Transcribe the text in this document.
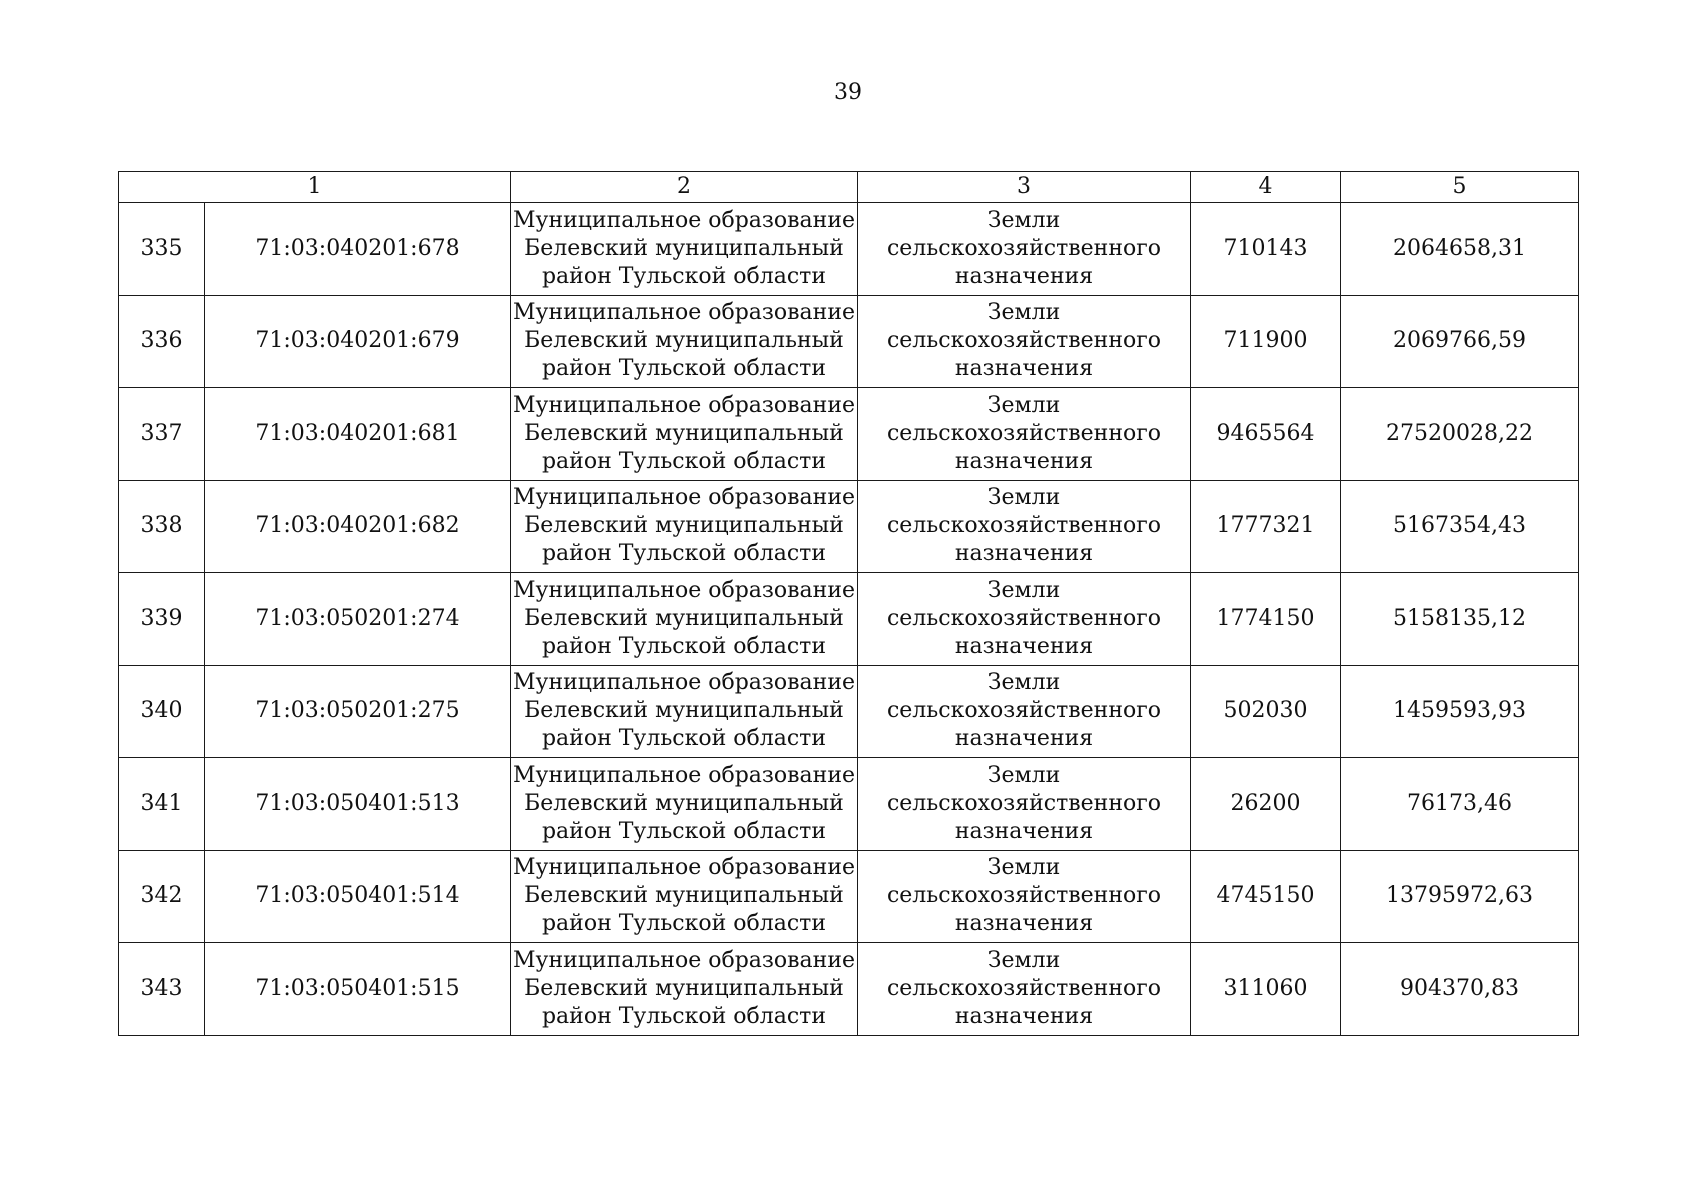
39
1		2	3	4	5
335	71:03:040201:678	Муниципальное образование
Белевский муниципальный
район Тульской области	Земли
сельскохозяйственного
назначения	710143	2064658,31
336	71:03:040201:679	Муниципальное образование
Белевский муниципальный
район Тульской области	Земли
сельскохозяйственного
назначения	711900	2069766,59
337	71:03:040201:681	Муниципальное образование
Белевский муниципальный
район Тульской области	Земли
сельскохозяйственного
назначения	9465564	27520028,22
338	71:03:040201:682	Муниципальное образование
Белевский муниципальный
район Тульской области	Земли
сельскохозяйственного
назначения	1777321	5167354,43
339	71:03:050201:274	Муниципальное образование
Белевский муниципальный
район Тульской области	Земли
сельскохозяйственного
назначения	1774150	5158135,12
340	71:03:050201:275	Муниципальное образование
Белевский муниципальный
район Тульской области	Земли
сельскохозяйственного
назначения	502030	1459593,93
341	71:03:050401:513	Муниципальное образование
Белевский муниципальный
район Тульской области	Земли
сельскохозяйственного
назначения	26200	76173,46
342	71:03:050401:514	Муниципальное образование
Белевский муниципальный
район Тульской области	Земли
сельскохозяйственного
назначения	4745150	13795972,63
343	71:03:050401:515	Муниципальное образование
Белевский муниципальный
район Тульской области	Земли
сельскохозяйственного
назначения	311060	904370,83
